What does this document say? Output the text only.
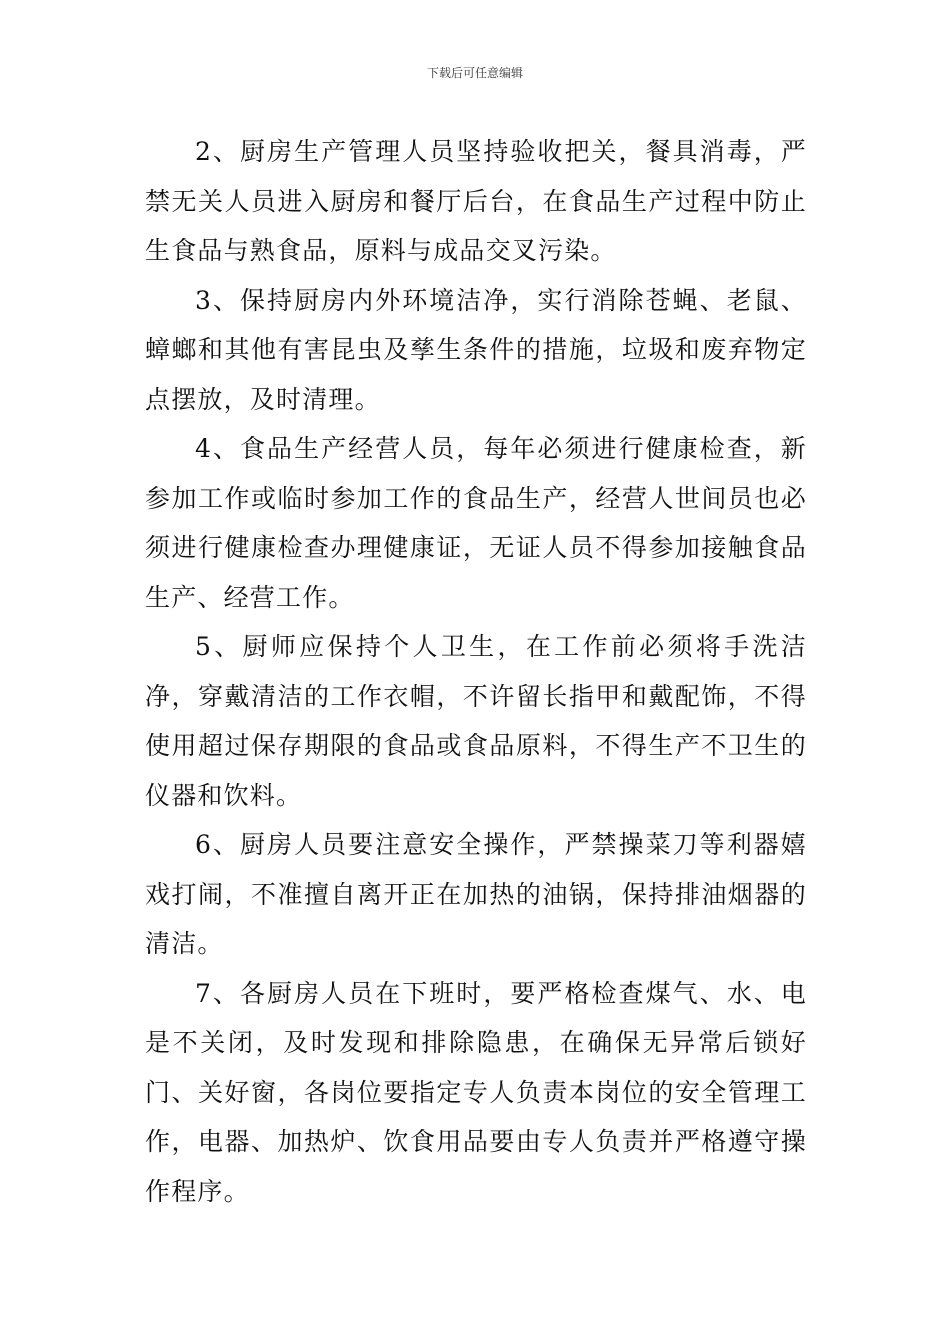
下载后可任意编辑

2、厨房生产管理人员坚持验收把关，餐具消毒，严禁无关人员进入厨房和餐厅后台，在食品生产过程中防止生食品与熟食品，原料与成品交叉污染。

3、保持厨房内外环境洁净，实行消除苍蝇、老鼠、蟑螂和其他有害昆虫及孳生条件的措施，垃圾和废弃物定点摆放，及时清理。

4、食品生产经营人员，每年必须进行健康检查，新参加工作或临时参加工作的食品生产，经营人世间员也必须进行健康检查办理健康证，无证人员不得参加接触食品生产、经营工作。

5、厨师应保持个人卫生，在工作前必须将手洗洁净，穿戴清洁的工作衣帽，不许留长指甲和戴配饰，不得使用超过保存期限的食品或食品原料，不得生产不卫生的仪器和饮料。

6、厨房人员要注意安全操作，严禁操菜刀等利器嬉戏打闹，不准擅自离开正在加热的油锅，保持排油烟器的清洁。

7、各厨房人员在下班时，要严格检查煤气、水、电是不关闭，及时发现和排除隐患，在确保无异常后锁好门、关好窗，各岗位要指定专人负责本岗位的安全管理工作，电器、加热炉、饮食用品要由专人负责并严格遵守操作程序。
